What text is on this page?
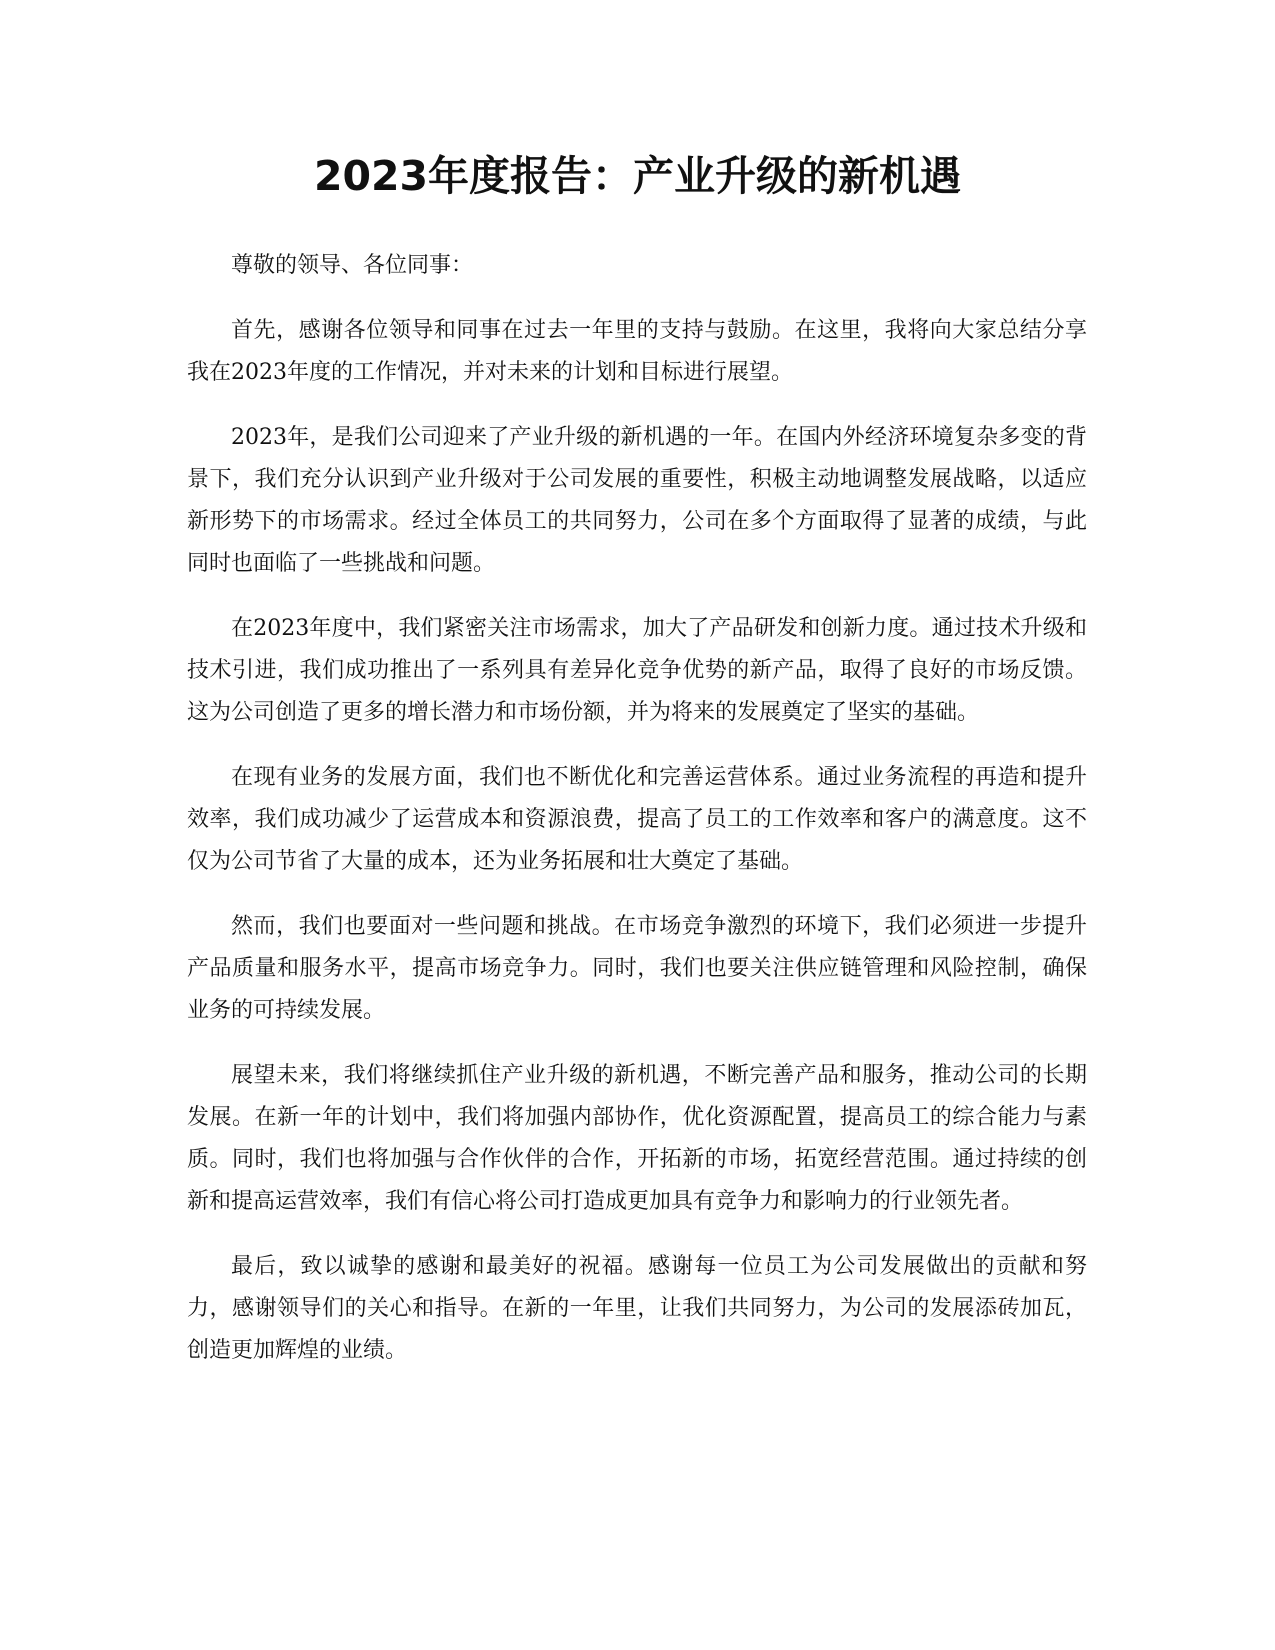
2023年度报告：产业升级的新机遇

尊敬的领导、各位同事：

首先，感谢各位领导和同事在过去一年里的支持与鼓励。在这里，我将向大家总结分享我在2023年度的工作情况，并对未来的计划和目标进行展望。

2023年，是我们公司迎来了产业升级的新机遇的一年。在国内外经济环境复杂多变的背景下，我们充分认识到产业升级对于公司发展的重要性，积极主动地调整发展战略，以适应新形势下的市场需求。经过全体员工的共同努力，公司在多个方面取得了显著的成绩，与此同时也面临了一些挑战和问题。

在2023年度中，我们紧密关注市场需求，加大了产品研发和创新力度。通过技术升级和技术引进，我们成功推出了一系列具有差异化竞争优势的新产品，取得了良好的市场反馈。这为公司创造了更多的增长潜力和市场份额，并为将来的发展奠定了坚实的基础。

在现有业务的发展方面，我们也不断优化和完善运营体系。通过业务流程的再造和提升效率，我们成功减少了运营成本和资源浪费，提高了员工的工作效率和客户的满意度。这不仅为公司节省了大量的成本，还为业务拓展和壮大奠定了基础。

然而，我们也要面对一些问题和挑战。在市场竞争激烈的环境下，我们必须进一步提升产品质量和服务水平，提高市场竞争力。同时，我们也要关注供应链管理和风险控制，确保业务的可持续发展。

展望未来，我们将继续抓住产业升级的新机遇，不断完善产品和服务，推动公司的长期发展。在新一年的计划中，我们将加强内部协作，优化资源配置，提高员工的综合能力与素质。同时，我们也将加强与合作伙伴的合作，开拓新的市场，拓宽经营范围。通过持续的创新和提高运营效率，我们有信心将公司打造成更加具有竞争力和影响力的行业领先者。

最后，致以诚挚的感谢和最美好的祝福。感谢每一位员工为公司发展做出的贡献和努力，感谢领导们的关心和指导。在新的一年里，让我们共同努力，为公司的发展添砖加瓦，创造更加辉煌的业绩。
